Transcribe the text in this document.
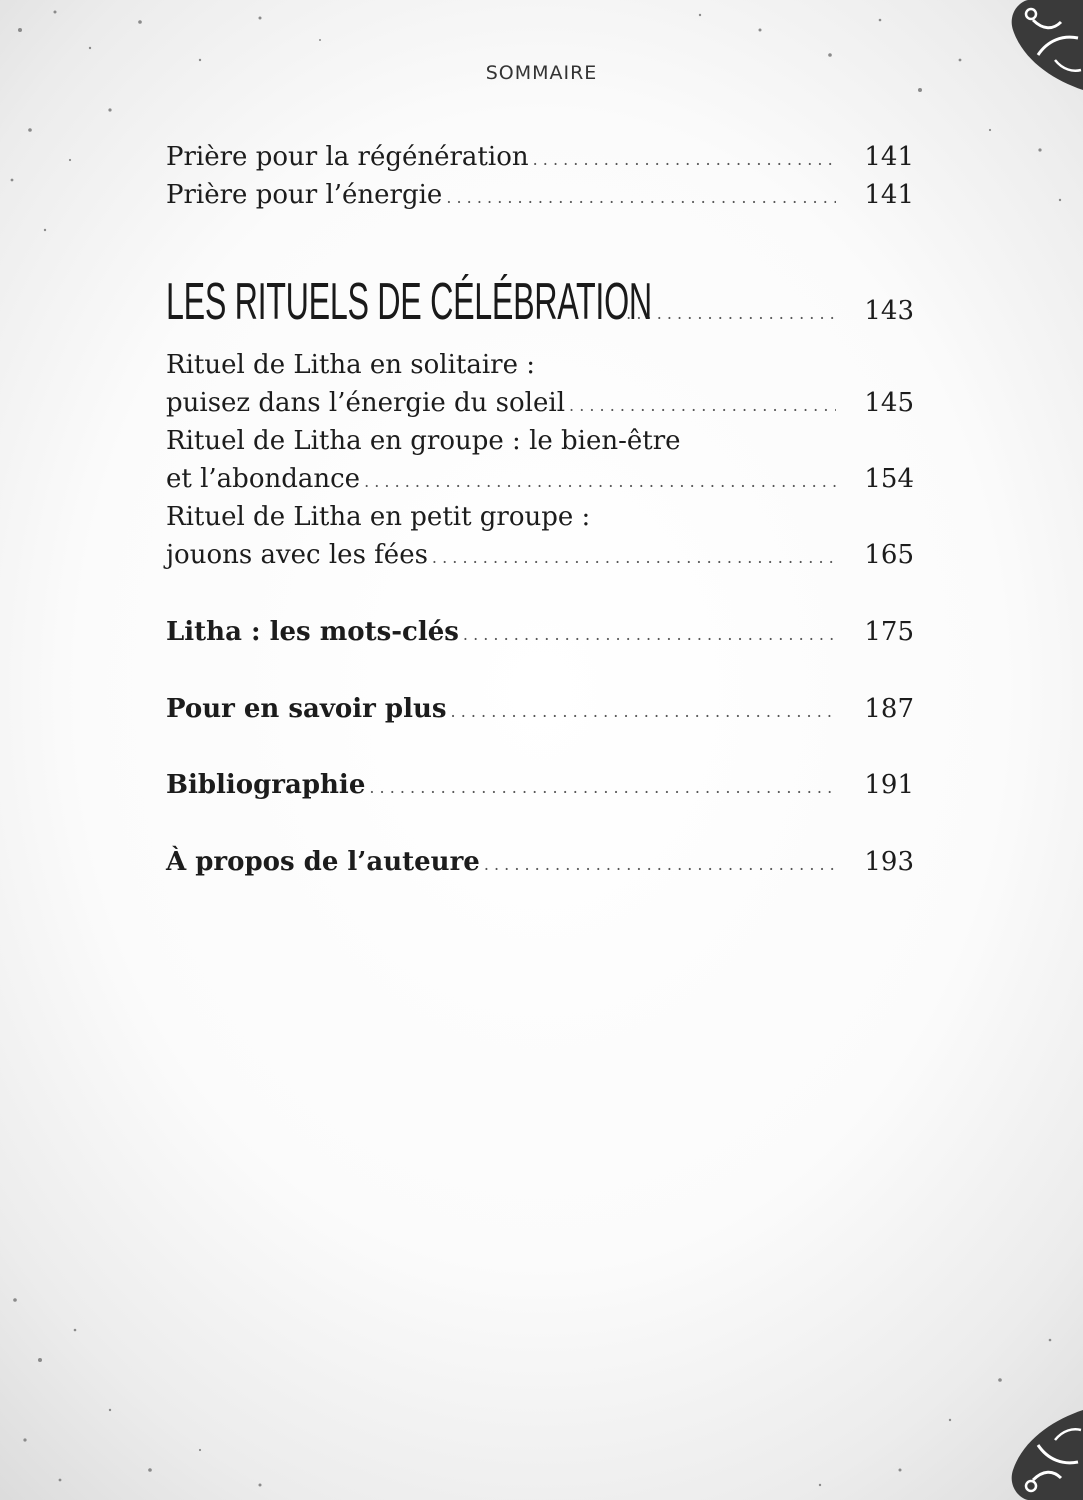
SOMMAIRE
Prière pour la régénération . . .	141
Prière pour l’énergie . . .	141
LES RITUELS DE CÉLÉBRATION . . .	143
Rituel de Litha en solitaire :
puisez dans l’énergie du soleil . . .	145
Rituel de Litha en groupe : le bien-être
et l’abondance . . .	154
Rituel de Litha en petit groupe :
jouons avec les fées . . .	165
Litha : les mots-clés . . .	175
Pour en savoir plus . . .	187
Bibliographie . . .	191
À propos de l’auteure . . .	193
